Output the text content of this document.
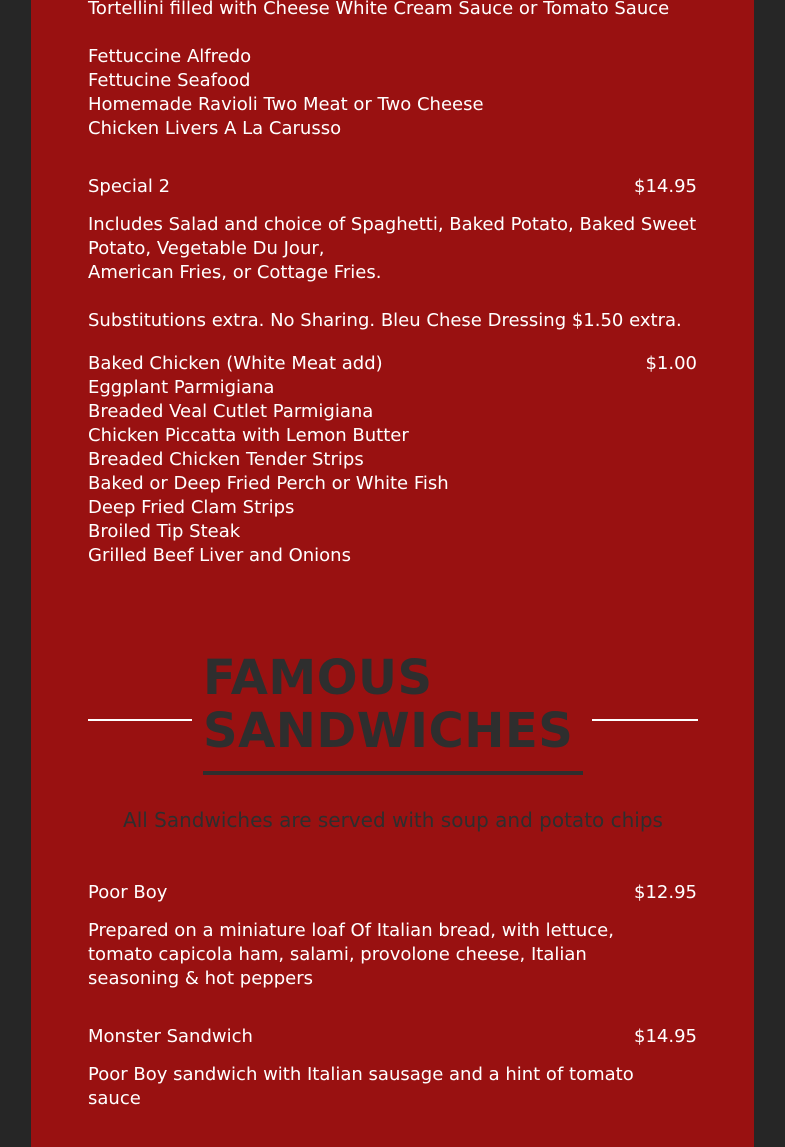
Tortellini filled with Cheese White Cream Sauce or Tomato Sauce
Fettuccine Alfredo
Fettucine Seafood
Homemade Ravioli Two Meat or Two Cheese
Chicken Livers A La Carusso
Special 2	$14.95
Includes Salad and choice of Spaghetti, Baked Potato, Baked Sweet Potato, Vegetable Du Jour,
American Fries, or Cottage Fries.
Substitutions extra. No Sharing. Bleu Chese Dressing $1.50 extra.
Baked Chicken (White Meat add)	$1.00
Eggplant Parmigiana
Breaded Veal Cutlet Parmigiana
Chicken Piccatta with Lemon Butter
Breaded Chicken Tender Strips
Baked or Deep Fried Perch or White Fish
Deep Fried Clam Strips
Broiled Tip Steak
Grilled Beef Liver and Onions
FAMOUS
SANDWICHES
All Sandwiches are served with soup and potato chips
Poor Boy	$12.95
Prepared on a miniature loaf Of Italian bread, with lettuce, tomato capicola ham, salami, provolone cheese, Italian seasoning & hot peppers
Monster Sandwich	$14.95
Poor Boy sandwich with Italian sausage and a hint of tomato sauce
